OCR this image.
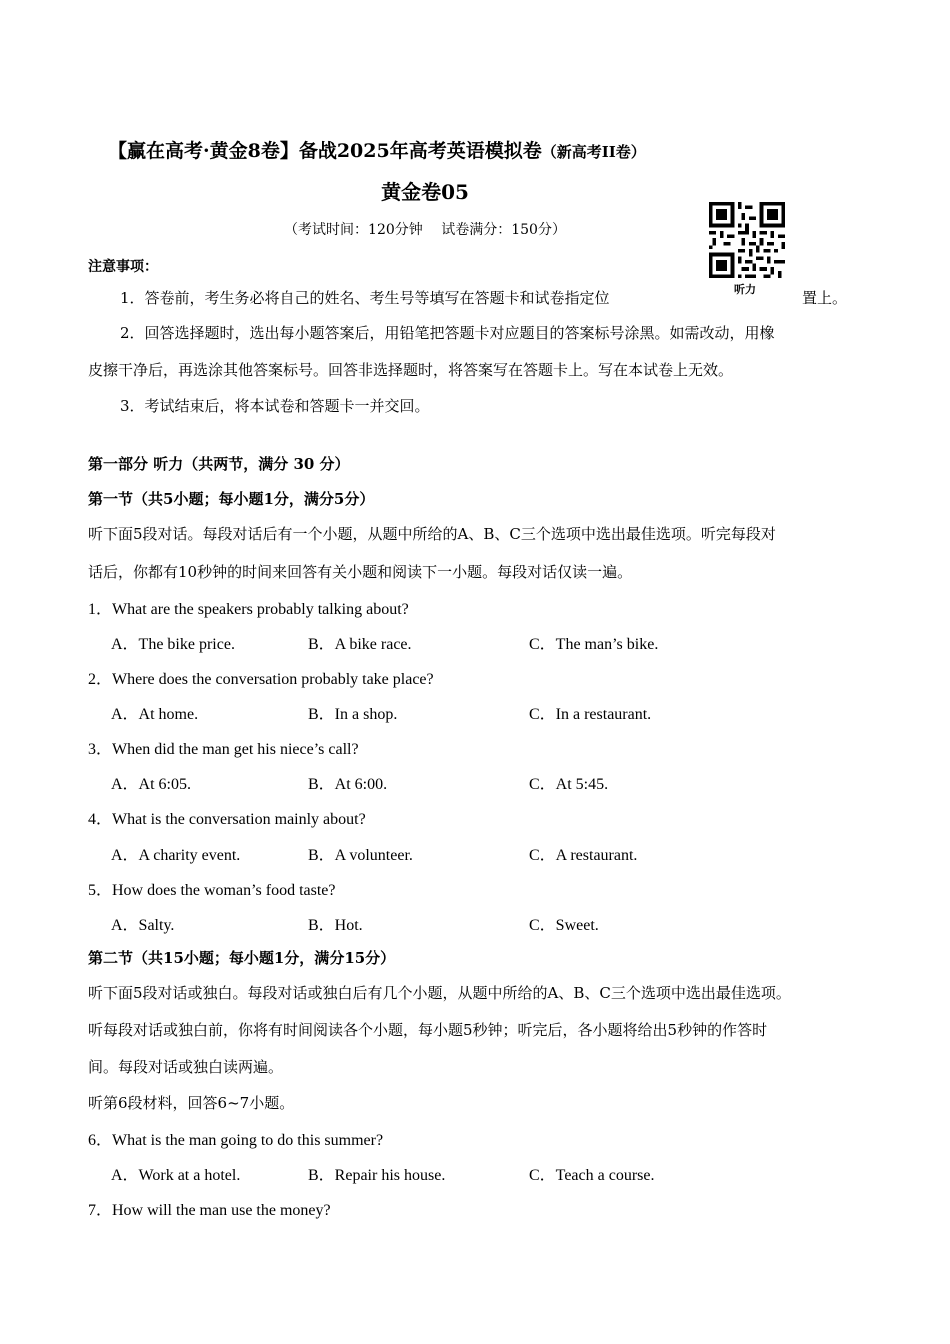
【赢在高考·黄金8卷】备战2025年高考英语模拟卷（新高考II卷）
黄金卷05
（考试时间：120分钟　 试卷满分：150分）
听力
注意事项：
1．答卷前，考生务必将自己的姓名、考生号等填写在答题卡和试卷指定位	置上。
2．回答选择题时，选出每小题答案后，用铅笔把答题卡对应题目的答案标号涂黑。如需改动，用橡
皮擦干净后，再选涂其他答案标号。回答非选择题时，将答案写在答题卡上。写在本试卷上无效。
3．考试结束后，将本试卷和答题卡一并交回。
第一部分 听力（共两节，满分 30 分）
第一节（共5小题；每小题1分，满分5分）
听下面5段对话。每段对话后有一个小题，从题中所给的A、B、C三个选项中选出最佳选项。听完每段对
话后，你都有10秒钟的时间来回答有关小题和阅读下一小题。每段对话仅读一遍。
1．What are the speakers probably talking about?
A．The bike price.	B．A bike race.	C．The man’s bike.
2．Where does the conversation probably take place?
A．At home.	B．In a shop.	C．In a restaurant.
3．When did the man get his niece’s call?
A．At 6:05.	B．At 6:00.	C．At 5:45.
4．What is the conversation mainly about?
A．A charity event.	B．A volunteer.	C．A restaurant.
5．How does the woman’s food taste?
A．Salty.	B．Hot.	C．Sweet.
第二节（共15小题；每小题1分，满分15分）
听下面5段对话或独白。每段对话或独白后有几个小题，从题中所给的A、B、C三个选项中选出最佳选项。
听每段对话或独白前，你将有时间阅读各个小题，每小题5秒钟；听完后，各小题将给出5秒钟的作答时
间。每段对话或独白读两遍。
听第6段材料，回答6~7小题。
6．What is the man going to do this summer?
A．Work at a hotel.	B．Repair his house.	C．Teach a course.
7．How will the man use the money?
